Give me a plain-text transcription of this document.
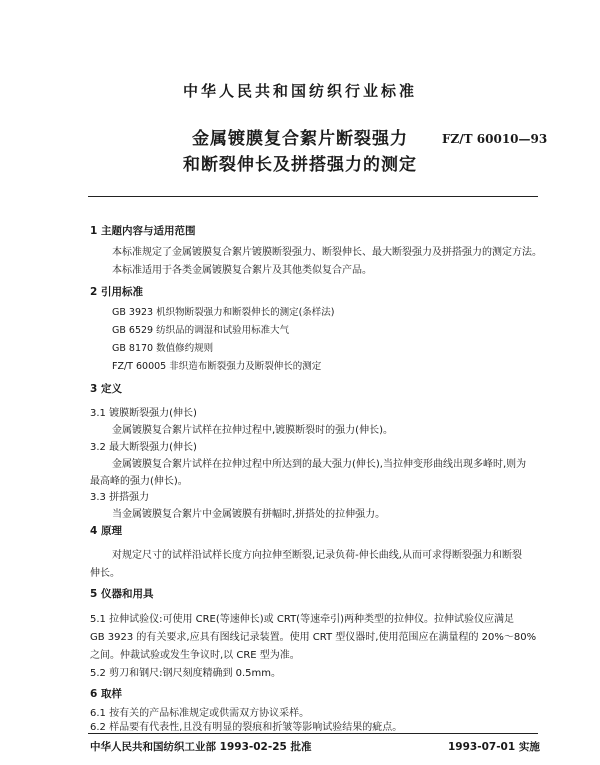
中华人民共和国纺织行业标准
金属镀膜复合絮片断裂强力
和断裂伸长及拼搭强力的测定
FZ/T 60010—93
1 主题内容与适用范围
本标准规定了金属镀膜复合絮片镀膜断裂强力、断裂伸长、最大断裂强力及拼搭强力的测定方法。
本标准适用于各类金属镀膜复合絮片及其他类似复合产品。
2 引用标准
GB 3923 机织物断裂强力和断裂伸长的测定(条样法)
GB 6529 纺织品的调湿和试验用标准大气
GB 8170 数值修约规则
FZ/T 60005 非织造布断裂强力及断裂伸长的测定
3 定义
3.1 镀膜断裂强力(伸长)
金属镀膜复合絮片试样在拉伸过程中,镀膜断裂时的强力(伸长)。
3.2 最大断裂强力(伸长)
金属镀膜复合絮片试样在拉伸过程中所达到的最大强力(伸长),当拉伸变形曲线出现多峰时,则为
最高峰的强力(伸长)。
3.3 拼搭强力
当金属镀膜复合絮片中金属镀膜有拼幅时,拼搭处的拉伸强力。
4 原理
对规定尺寸的试样沿试样长度方向拉伸至断裂,记录负荷-伸长曲线,从而可求得断裂强力和断裂
伸长。
5 仪器和用具
5.1 拉伸试验仪:可使用 CRE(等速伸长)或 CRT(等速牵引)两种类型的拉伸仪。拉伸试验仪应满足
GB 3923 的有关要求,应具有图线记录装置。使用 CRT 型仪器时,使用范围应在满量程的 20%～80%
之间。仲裁试验或发生争议时,以 CRE 型为准。
5.2 剪刀和钢尺:钢尺刻度精确到 0.5mm。
6 取样
6.1 按有关的产品标准规定或供需双方协议采样。
6.2 样品要有代表性,且没有明显的裂痕和折皱等影响试验结果的疵点。
中华人民共和国纺织工业部 1993-02-25 批准	1993-07-01 实施
